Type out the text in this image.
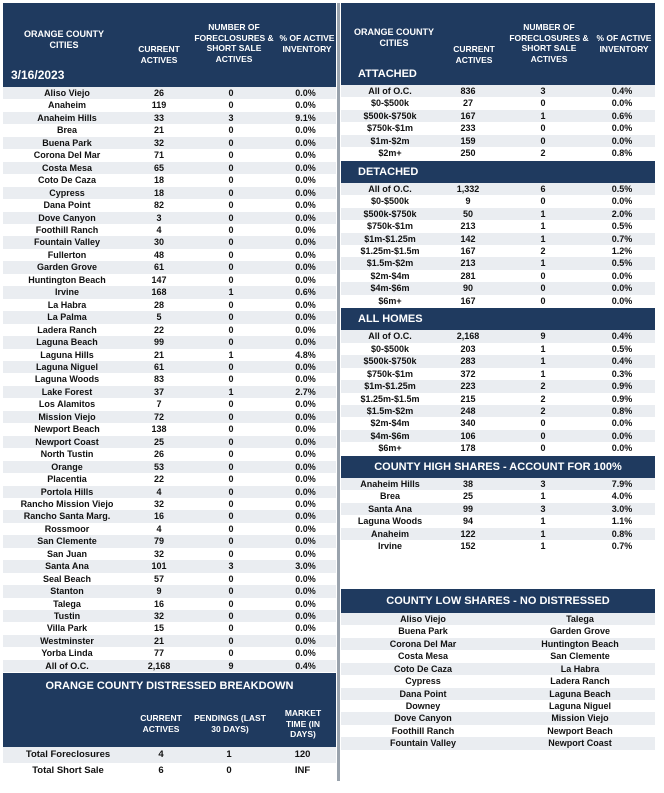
ORANGE COUNTY CITIES
3/16/2023
CURRENT ACTIVES
NUMBER OF FORECLOSURES & SHORT SALE ACTIVES
% OF ACTIVE INVENTORY
Aliso Viejo	26	0	0.0%
Anaheim	119	0	0.0%
Anaheim Hills	33	3	9.1%
Brea	21	0	0.0%
Buena Park	32	0	0.0%
Corona Del Mar	71	0	0.0%
Costa Mesa	65	0	0.0%
Coto De Caza	18	0	0.0%
Cypress	18	0	0.0%
Dana Point	82	0	0.0%
Dove Canyon	3	0	0.0%
Foothill Ranch	4	0	0.0%
Fountain Valley	30	0	0.0%
Fullerton	48	0	0.0%
Garden Grove	61	0	0.0%
Huntington Beach	147	0	0.0%
Irvine	168	1	0.6%
La Habra	28	0	0.0%
La Palma	5	0	0.0%
Ladera Ranch	22	0	0.0%
Laguna Beach	99	0	0.0%
Laguna Hills	21	1	4.8%
Laguna Niguel	61	0	0.0%
Laguna Woods	83	0	0.0%
Lake Forest	37	1	2.7%
Los Alamitos	7	0	0.0%
Mission Viejo	72	0	0.0%
Newport Beach	138	0	0.0%
Newport Coast	25	0	0.0%
North Tustin	26	0	0.0%
Orange	53	0	0.0%
Placentia	22	0	0.0%
Portola Hills	4	0	0.0%
Rancho Mission Viejo	32	0	0.0%
Rancho Santa Marg.	16	0	0.0%
Rossmoor	4	0	0.0%
San Clemente	79	0	0.0%
San Juan	32	0	0.0%
Santa Ana	101	3	3.0%
Seal Beach	57	0	0.0%
Stanton	9	0	0.0%
Talega	16	0	0.0%
Tustin	32	0	0.0%
Villa Park	15	0	0.0%
Westminster	21	0	0.0%
Yorba Linda	77	0	0.0%
All of O.C.	2,168	9	0.4%
ORANGE COUNTY DISTRESSED BREAKDOWN
CURRENT ACTIVES
PENDINGS (LAST 30 DAYS)
MARKET TIME (IN DAYS)
Total Foreclosures	4	1	120
Total Short Sale	6	0	INF
ORANGE COUNTY CITIES
CURRENT ACTIVES
NUMBER OF FORECLOSURES & SHORT SALE ACTIVES
% OF ACTIVE INVENTORY
ATTACHED
All of O.C.	836	3	0.4%
$0-$500k	27	0	0.0%
$500k-$750k	167	1	0.6%
$750k-$1m	233	0	0.0%
$1m-$2m	159	0	0.0%
$2m+	250	2	0.8%
DETACHED
All of O.C.	1,332	6	0.5%
$0-$500k	9	0	0.0%
$500k-$750k	50	1	2.0%
$750k-$1m	213	1	0.5%
$1m-$1.25m	142	1	0.7%
$1.25m-$1.5m	167	2	1.2%
$1.5m-$2m	213	1	0.5%
$2m-$4m	281	0	0.0%
$4m-$6m	90	0	0.0%
$6m+	167	0	0.0%
ALL HOMES
All of O.C.	2,168	9	0.4%
$0-$500k	203	1	0.5%
$500k-$750k	283	1	0.4%
$750k-$1m	372	1	0.3%
$1m-$1.25m	223	2	0.9%
$1.25m-$1.5m	215	2	0.9%
$1.5m-$2m	248	2	0.8%
$2m-$4m	340	0	0.0%
$4m-$6m	106	0	0.0%
$6m+	178	0	0.0%
COUNTY HIGH SHARES - ACCOUNT FOR 100%
Anaheim Hills	38	3	7.9%
Brea	25	1	4.0%
Santa Ana	99	3	3.0%
Laguna Woods	94	1	1.1%
Anaheim	122	1	0.8%
Irvine	152	1	0.7%
COUNTY LOW SHARES - NO DISTRESSED
Aliso Viejo	Talega
Buena Park	Garden Grove
Corona Del Mar	Huntington Beach
Costa Mesa	San Clemente
Coto De Caza	La Habra
Cypress	Ladera Ranch
Dana Point	Laguna Beach
Downey	Laguna Niguel
Dove Canyon	Mission Viejo
Foothill Ranch	Newport Beach
Fountain Valley	Newport Coast
